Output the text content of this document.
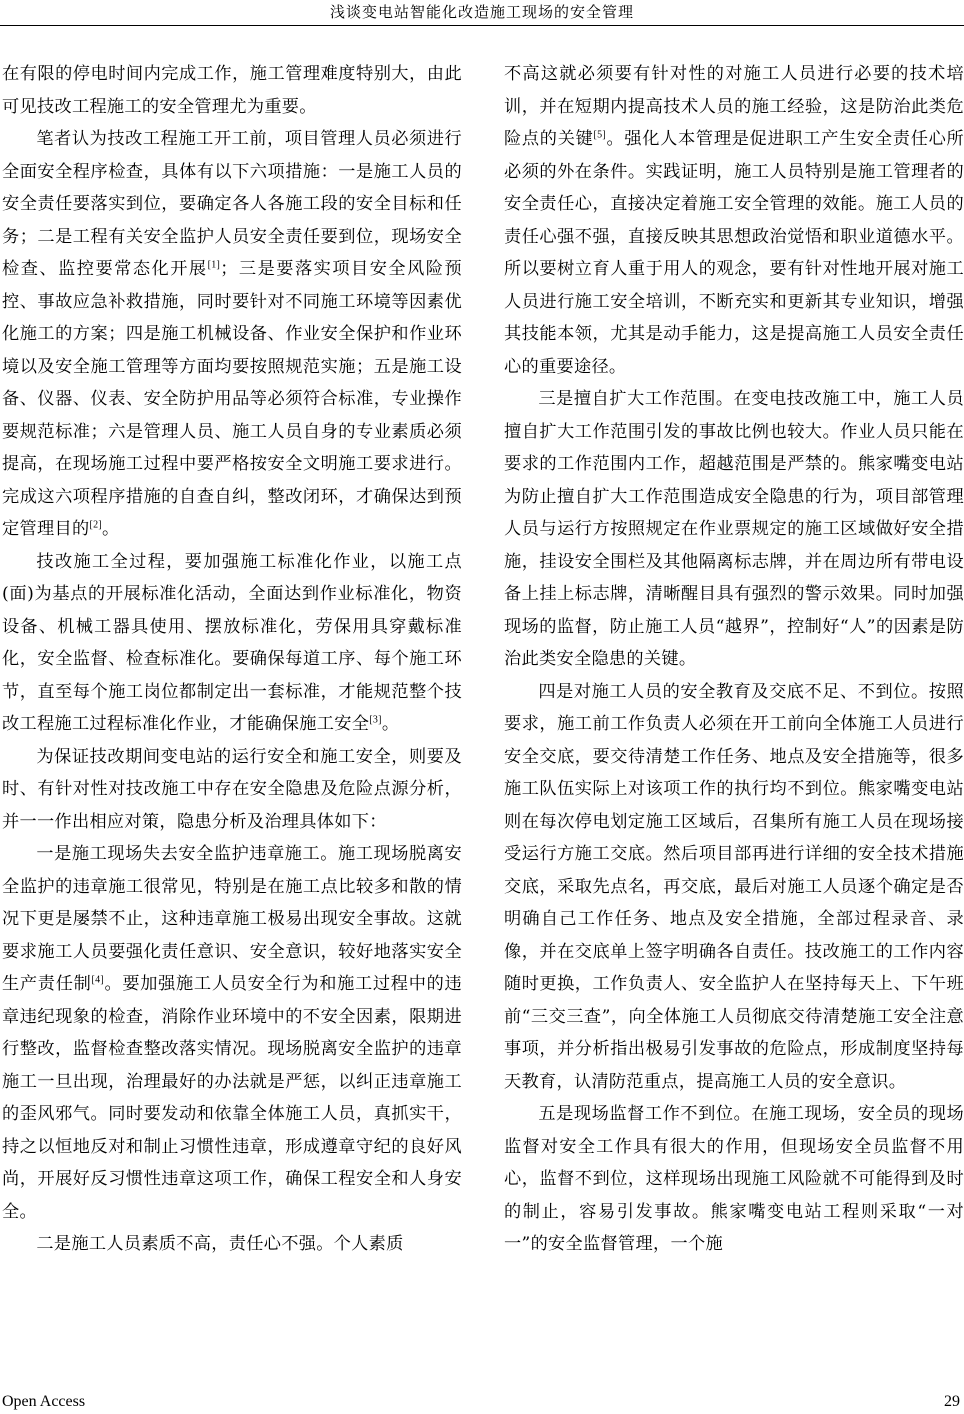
浅谈变电站智能化改造施工现场的安全管理

在有限的停电时间内完成工作，施工管理难度特别大，由此可见技改工程施工的安全管理尤为重要。

笔者认为技改工程施工开工前，项目管理人员必须进行全面安全程序检查，具体有以下六项措施：一是施工人员的安全责任要落实到位，要确定各人各施工段的安全目标和任务；二是工程有关安全监护人员安全责任要到位，现场安全检查、监控要常态化开展[1]；三是要落实项目安全风险预控、事故应急补救措施，同时要针对不同施工环境等因素优化施工的方案；四是施工机械设备、作业安全保护和作业环境以及安全施工管理等方面均要按照规范实施；五是施工设备、仪器、仪表、安全防护用品等必须符合标准，专业操作要规范标准；六是管理人员、施工人员自身的专业素质必须提高，在现场施工过程中要严格按安全文明施工要求进行。完成这六项程序措施的自查自纠，整改闭环，才确保达到预定管理目的[2]。

技改施工全过程，要加强施工标准化作业，以施工点(面)为基点的开展标准化活动，全面达到作业标准化，物资设备、机械工器具使用、摆放标准化，劳保用具穿戴标准化，安全监督、检查标准化。要确保每道工序、每个施工环节，直至每个施工岗位都制定出一套标准，才能规范整个技改工程施工过程标准化作业，才能确保施工安全[3]。

为保证技改期间变电站的运行安全和施工安全，则要及时、有针对性对技改施工中存在安全隐患及危险点源分析，并一一作出相应对策，隐患分析及治理具体如下：

一是施工现场失去安全监护违章施工。施工现场脱离安全监护的违章施工很常见，特别是在施工点比较多和散的情况下更是屡禁不止，这种违章施工极易出现安全事故。这就要求施工人员要强化责任意识、安全意识，较好地落实安全生产责任制[4]。要加强施工人员安全行为和施工过程中的违章违纪现象的检查，消除作业环境中的不安全因素，限期进行整改，监督检查整改落实情况。现场脱离安全监护的违章施工一旦出现，治理最好的办法就是严惩，以纠正违章施工的歪风邪气。同时要发动和依靠全体施工人员，真抓实干，持之以恒地反对和制止习惯性违章，形成遵章守纪的良好风尚，开展好反习惯性违章这项工作，确保工程安全和人身安全。

二是施工人员素质不高，责任心不强。个人素质

不高这就必须要有针对性的对施工人员进行必要的技术培训，并在短期内提高技术人员的施工经验，这是防治此类危险点的关键[5]。强化人本管理是促进职工产生安全责任心所必须的外在条件。实践证明，施工人员特别是施工管理者的安全责任心，直接决定着施工安全管理的效能。施工人员的责任心强不强，直接反映其思想政治觉悟和职业道德水平。所以要树立育人重于用人的观念，要有针对性地开展对施工人员进行施工安全培训，不断充实和更新其专业知识，增强其技能本领，尤其是动手能力，这是提高施工人员安全责任心的重要途径。

三是擅自扩大工作范围。在变电技改施工中，施工人员擅自扩大工作范围引发的事故比例也较大。作业人员只能在要求的工作范围内工作，超越范围是严禁的。熊家嘴变电站为防止擅自扩大工作范围造成安全隐患的行为，项目部管理人员与运行方按照规定在作业票规定的施工区域做好安全措施，挂设安全围栏及其他隔离标志牌，并在周边所有带电设备上挂上标志牌，清晰醒目具有强烈的警示效果。同时加强现场的监督，防止施工人员“越界”，控制好“人”的因素是防治此类安全隐患的关键。

四是对施工人员的安全教育及交底不足、不到位。按照要求，施工前工作负责人必须在开工前向全体施工人员进行安全交底，要交待清楚工作任务、地点及安全措施等，很多施工队伍实际上对该项工作的执行均不到位。熊家嘴变电站则在每次停电划定施工区域后，召集所有施工人员在现场接受运行方施工交底。然后项目部再进行详细的安全技术措施交底，采取先点名，再交底，最后对施工人员逐个确定是否明确自己工作任务、地点及安全措施，全部过程录音、录像，并在交底单上签字明确各自责任。技改施工的工作内容随时更换，工作负责人、安全监护人在坚持每天上、下午班前“三交三查”，向全体施工人员彻底交待清楚施工安全注意事项，并分析指出极易引发事故的危险点，形成制度坚持每天教育，认清防范重点，提高施工人员的安全意识。

五是现场监督工作不到位。在施工现场，安全员的现场监督对安全工作具有很大的作用，但现场安全员监督不用心，监督不到位，这样现场出现施工风险就不可能得到及时的制止，容易引发事故。熊家嘴变电站工程则采取“一对一”的安全监督管理，一个施

Open Access	29
